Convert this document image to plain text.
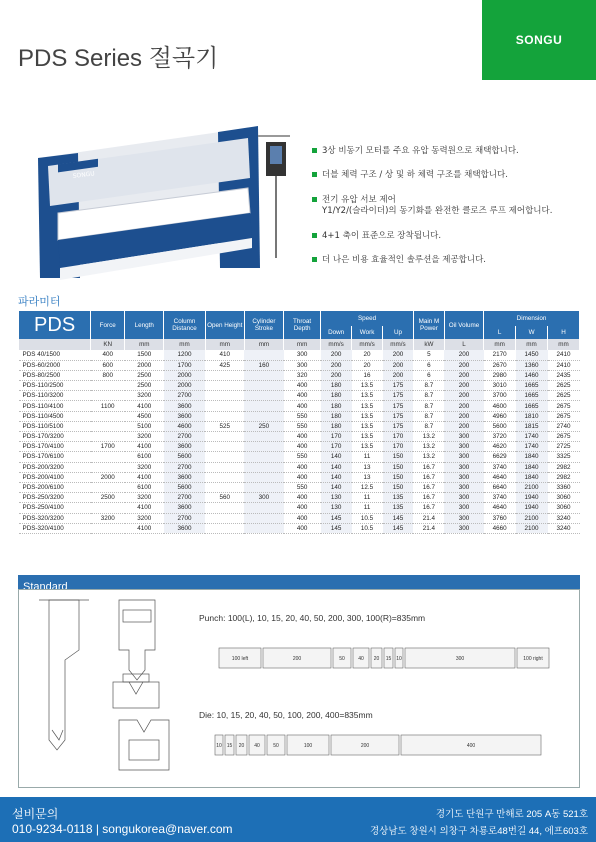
PDS Series 절곡기
SONGU
SONGU
3상 비동기 모터를 주요 유압 동력원으로 채택합니다.
더블 체력 구조 / 상 및 하 체력 구조를 채택합니다.
전기 유압 서보 제어
Y1/Y2/(슬라이더)의 동기화를 완전한 클로즈 루프 제어합니다.
4+1 축이 표준으로 장착됩니다.
더 나은 비용 효율적인 솔루션을 제공합니다.
파라미터
PDS	Force	Length	Column Distance	Open Height	Cylinder Stroke	Throat Depth	Speed			Main M Power	Oil Volume	Dimension		
							Down	Work	Up			L	W	H
	KN	mm	mm	mm	mm	mm	mm/s	mm/s	mm/s	kW	L	mm	mm	mm
PDS 40/1500	400	1500	1200	410		300	200	20	200	5	200	2170	1450	2410
PDS-60/2000	600	2000	1700	425	160	300	200	20	200	6	200	2670	1360	2410
PDS-80/2500	800	2500	2000			320	200	16	200	6	200	2980	1460	2435
PDS-110/2500		2500	2000			400	180	13.5	175	8.7	200	3010	1665	2625
PDS-110/3200		3200	2700			400	180	13.5	175	8.7	200	3700	1665	2625
PDS-110/4100	1100	4100	3600			400	180	13.5	175	8.7	200	4600	1665	2675
PDS-110/4500		4500	3600			550	180	13.5	175	8.7	200	4960	1810	2675
PDS-110/5100		5100	4600	525	250	550	180	13.5	175	8.7	200	5600	1815	2740
PDS-170/3200		3200	2700			400	170	13.5	170	13.2	300	3720	1740	2675
PDS-170/4100	1700	4100	3600			400	170	13.5	170	13.2	300	4620	1740	2725
PDS-170/6100		6100	5600			550	140	11	150	13.2	300	6629	1840	3325
PDS-200/3200		3200	2700			400	140	13	150	16.7	300	3740	1840	2982
PDS-200/4100	2000	4100	3600			400	140	13	150	16.7	300	4640	1840	2982
PDS-200/6100		6100	5600			550	140	12.5	150	16.7	300	6640	2100	3360
PDS-250/3200	2500	3200	2700	560	300	400	130	11	135	16.7	300	3740	1940	3060
PDS-250/4100		4100	3600			400	130	11	135	16.7	300	4640	1940	3060
PDS-320/3200	3200	3200	2700			400	145	10.5	145	21.4	300	3760	2100	3240
PDS-320/4100		4100	3600			400	145	10.5	145	21.4	300	4660	2100	3240
Standard
Punch: 100(L), 10, 15, 20, 40, 50, 200, 300, 100(R)=835mm
100 left	200	50	40 20 15 10	300	100 right
Die: 10, 15, 20, 40, 50, 100, 200, 400=835mm
10 15 20 40	50	100	200	400
설비문의
010-9234-0118 | songukorea@naver.com
경기도 단원구 만해로 205 A동 521호
경상남도 창원시 의창구 차룡로48번길 44, 에프603호
